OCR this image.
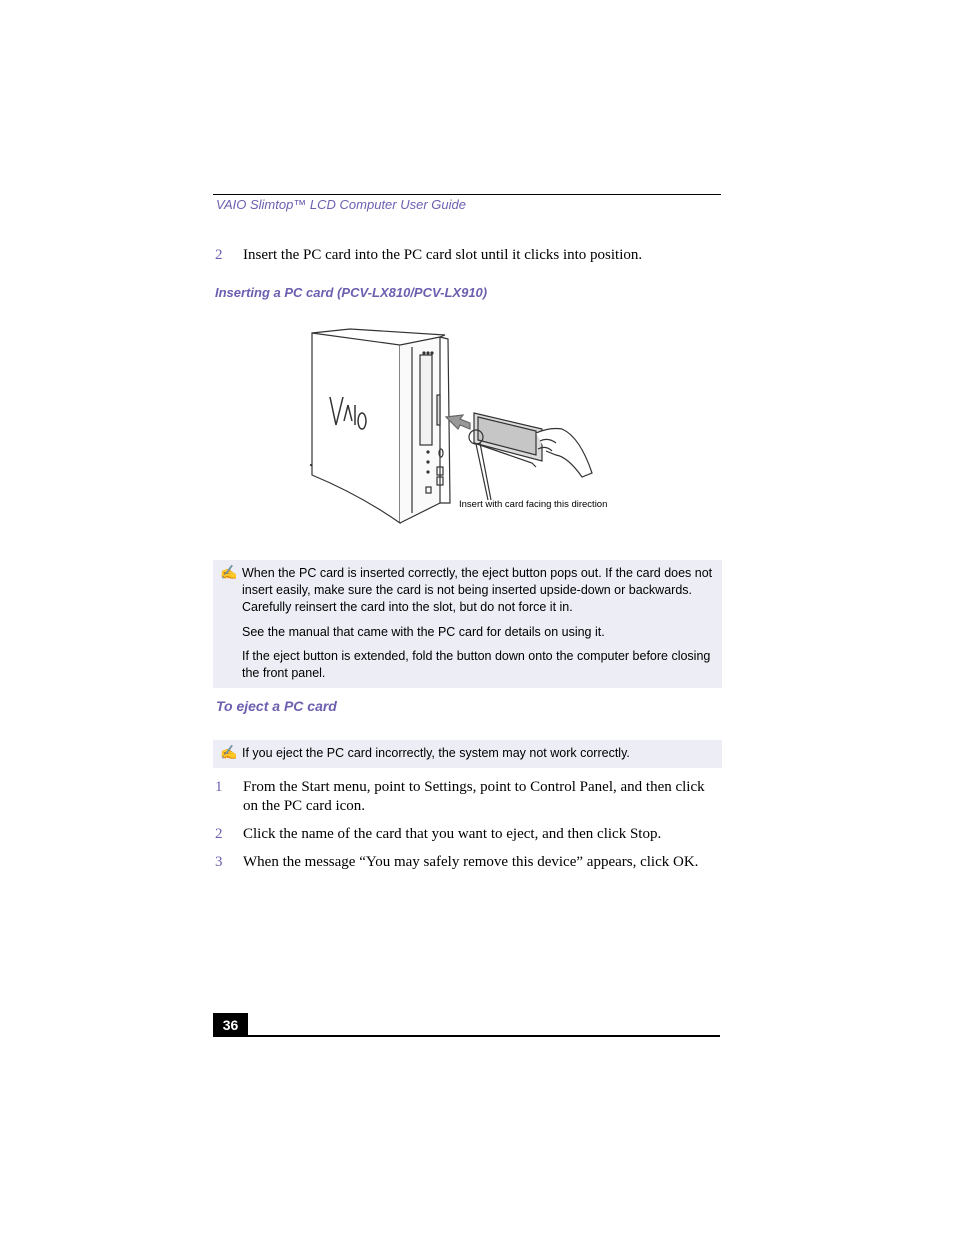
VAIO Slimtop™ LCD Computer User Guide
2 Insert the PC card into the PC card slot until it clicks into position.
Inserting a PC card (PCV-LX810/PCV-LX910)
Insert with card facing this direction
✍ When the PC card is inserted correctly, the eject button pops out. If the card does not insert easily, make sure the card is not being inserted upside-down or backwards. Carefully reinsert the card into the slot, but do not force it in.
See the manual that came with the PC card for details on using it.
If the eject button is extended, fold the button down onto the computer before closing the front panel.
To eject a PC card
✍ If you eject the PC card incorrectly, the system may not work correctly.
1 From the Start menu, point to Settings, point to Control Panel, and then click on the PC card icon.
2 Click the name of the card that you want to eject, and then click Stop.
3 When the message “You may safely remove this device” appears, click OK.
36
